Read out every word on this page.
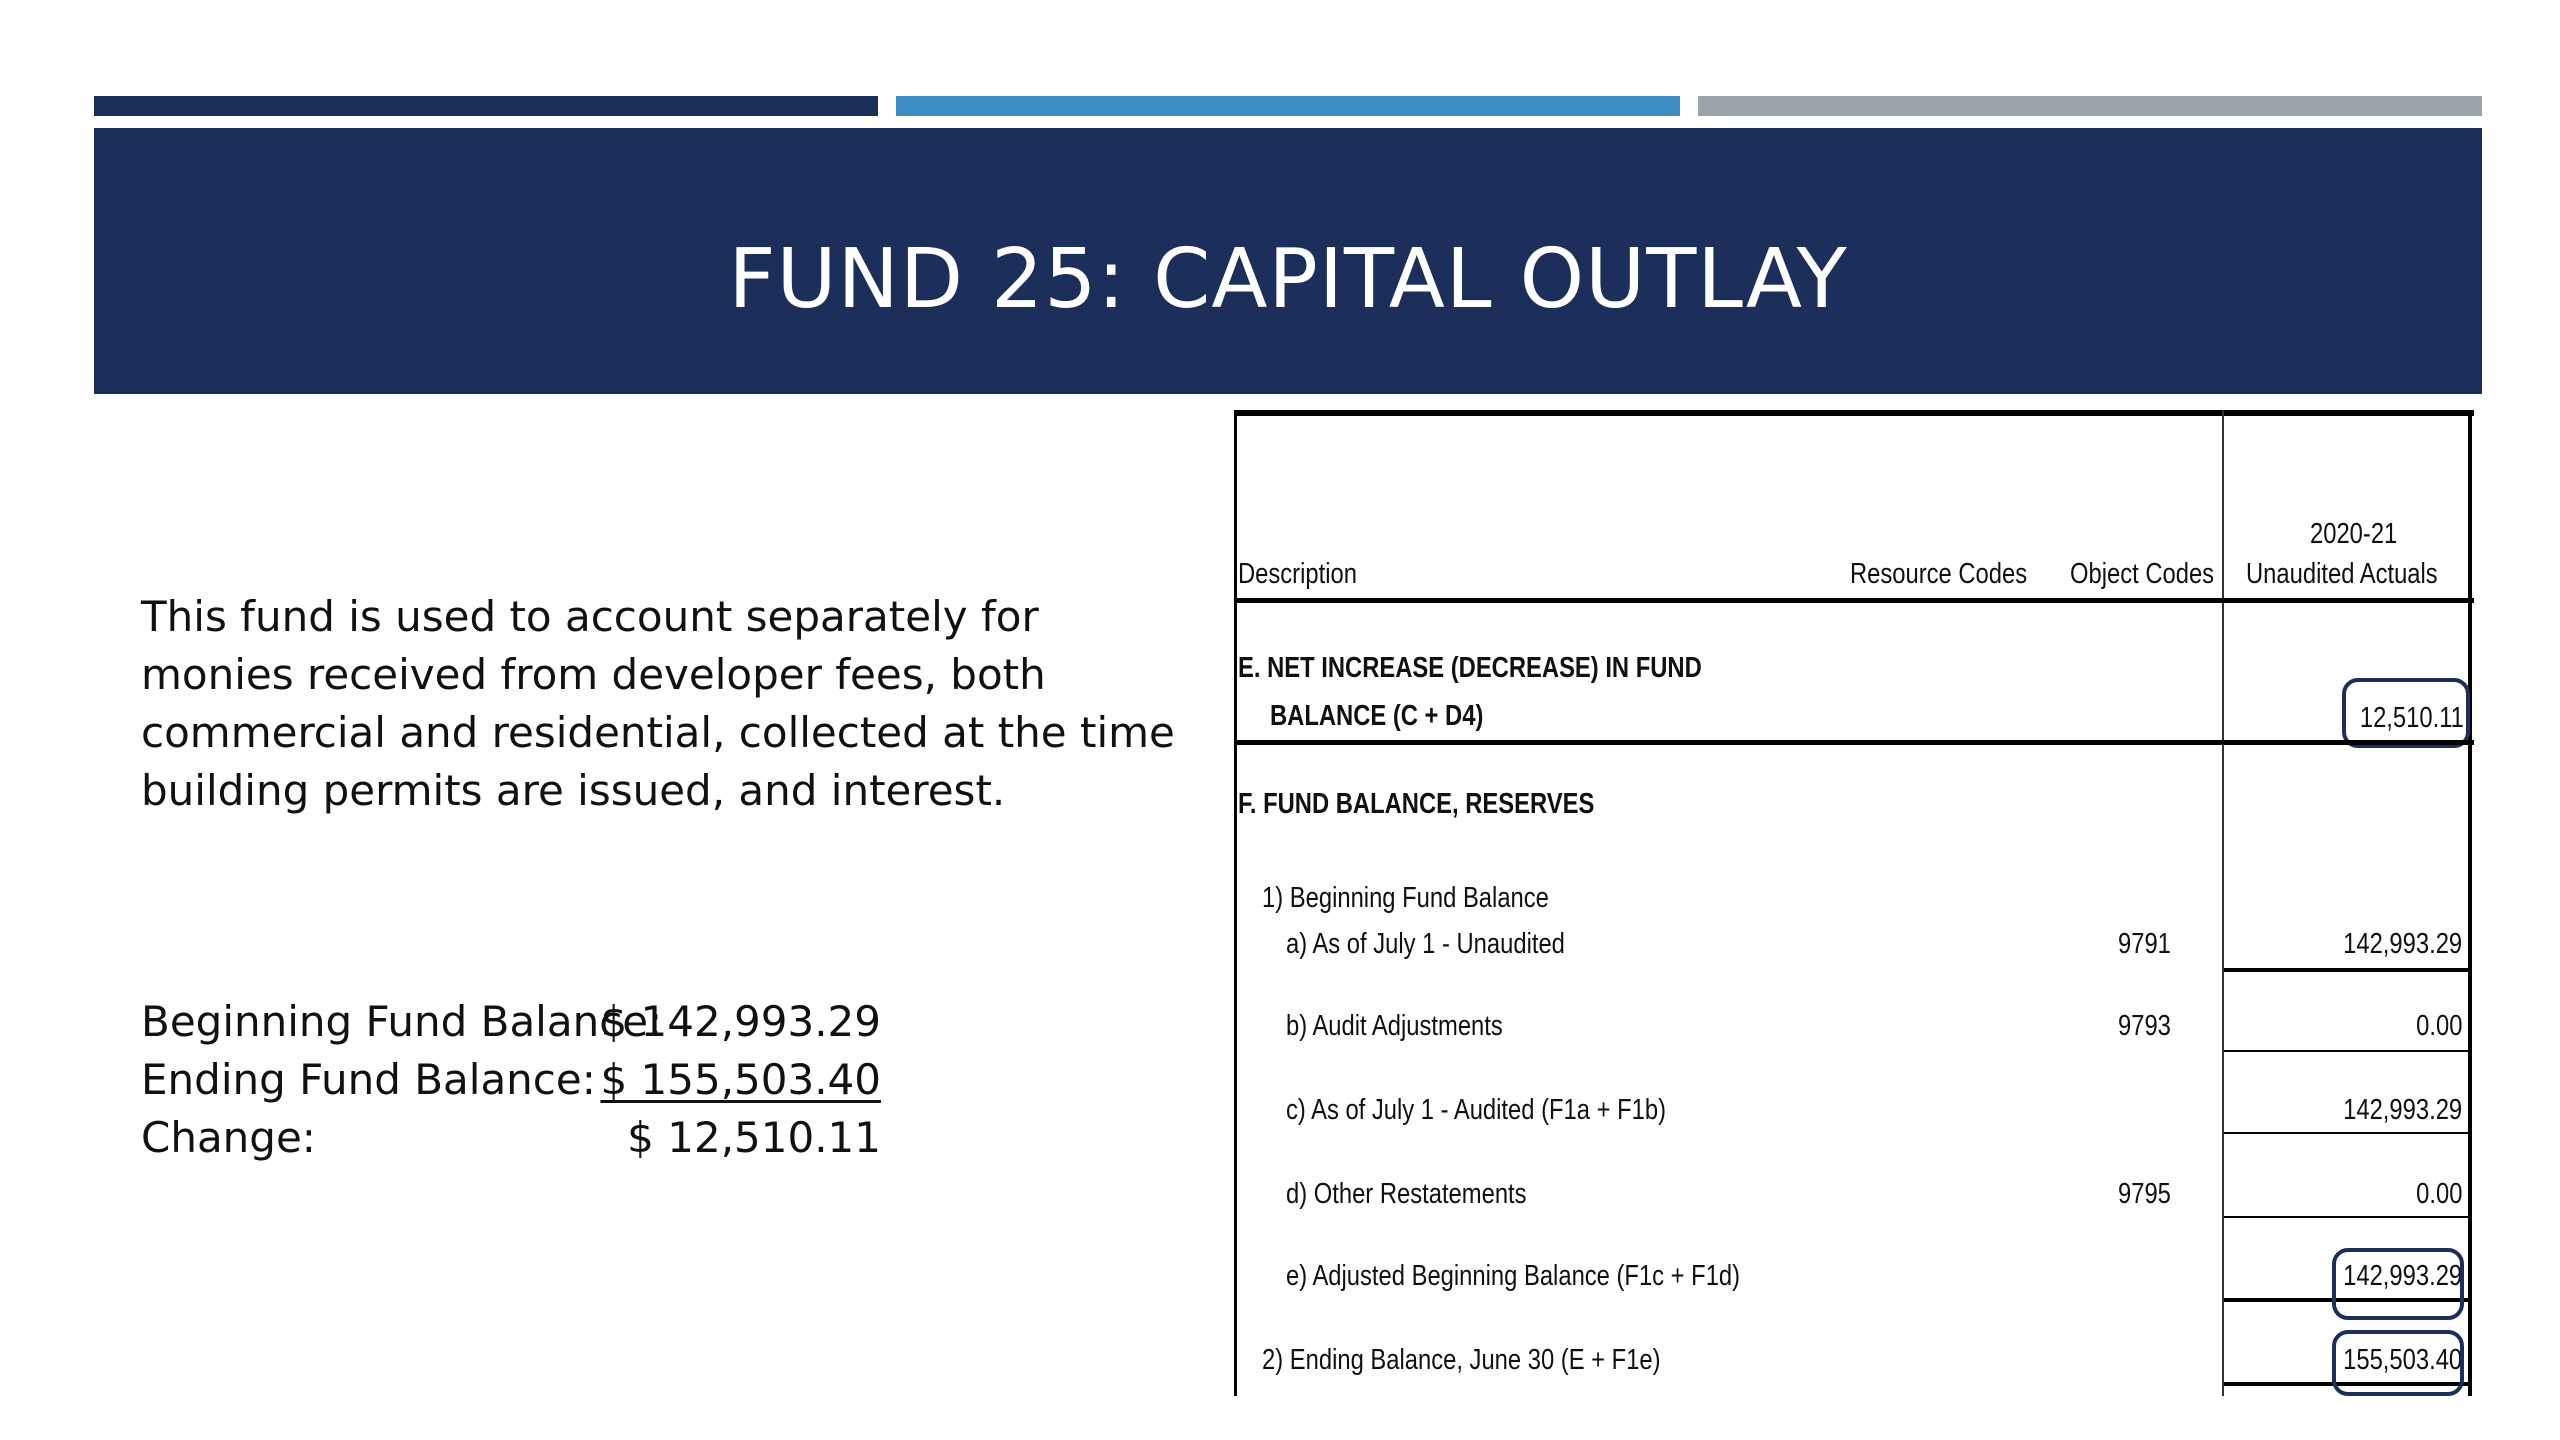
FUND 25: CAPITAL OUTLAY
This fund is used to account separately for monies received from developer fees, both commercial and residential, collected at the time building permits are issued, and interest.
Beginning Fund Balance:
$ 142,993.29
Ending Fund Balance: $ 155,503.40
Change:	$ 12,510.11
Description	Resource Codes Object Codes
2020-21
Unaudited Actuals
E. NET INCREASE (DECREASE) IN FUND
BALANCE (C + D4)	12,510.11
F. FUND BALANCE, RESERVES
1) Beginning Fund Balance
a) As of July 1 - Unaudited	9791	142,993.29
b) Audit Adjustments	9793	0.00
c) As of July 1 - Audited (F1a + F1b)	142,993.29
d) Other Restatements	9795	0.00
e) Adjusted Beginning Balance (F1c + F1d)	142,993.29
2) Ending Balance, June 30 (E + F1e)	155,503.40
